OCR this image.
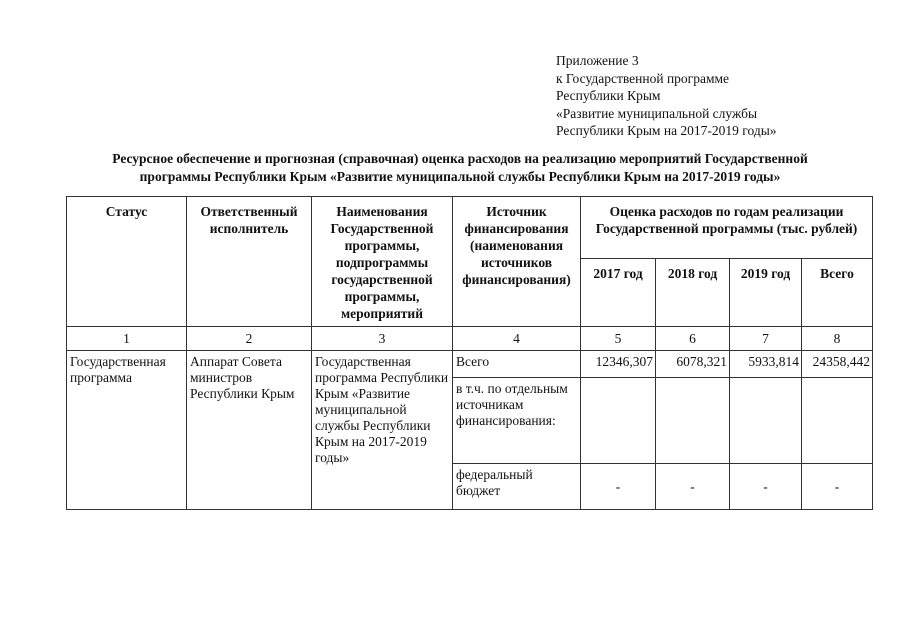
Приложение 3
к Государственной программе
Республики Крым
«Развитие муниципальной службы
Республики Крым на 2017-2019 годы»
Ресурсное обеспечение и прогнозная (справочная) оценка расходов на реализацию мероприятий Государственной
программы Республики Крым «Развитие муниципальной службы Республики Крым на 2017-2019 годы»
Статус	Ответственный исполнитель	Наименования Государственной программы, подпрограммы государственной программы, мероприятий	Источник финансирования (наименования источников финансирования)	Оценка расходов по годам реализации Государственной программы (тыс. рублей)			
				2017 год	2018 год	2019 год	Всего
1	2	3	4	5	6	7	8
Государственная программа	Аппарат Совета министров Республики Крым	Государственная программа Республики Крым «Развитие муниципальной службы Республики Крым на 2017-2019 годы»	Всего	12346,307	6078,321	5933,814	24358,442
			в т.ч. по отдельным источникам финансирования:				
			федеральный бюджет	-	-	-	-
